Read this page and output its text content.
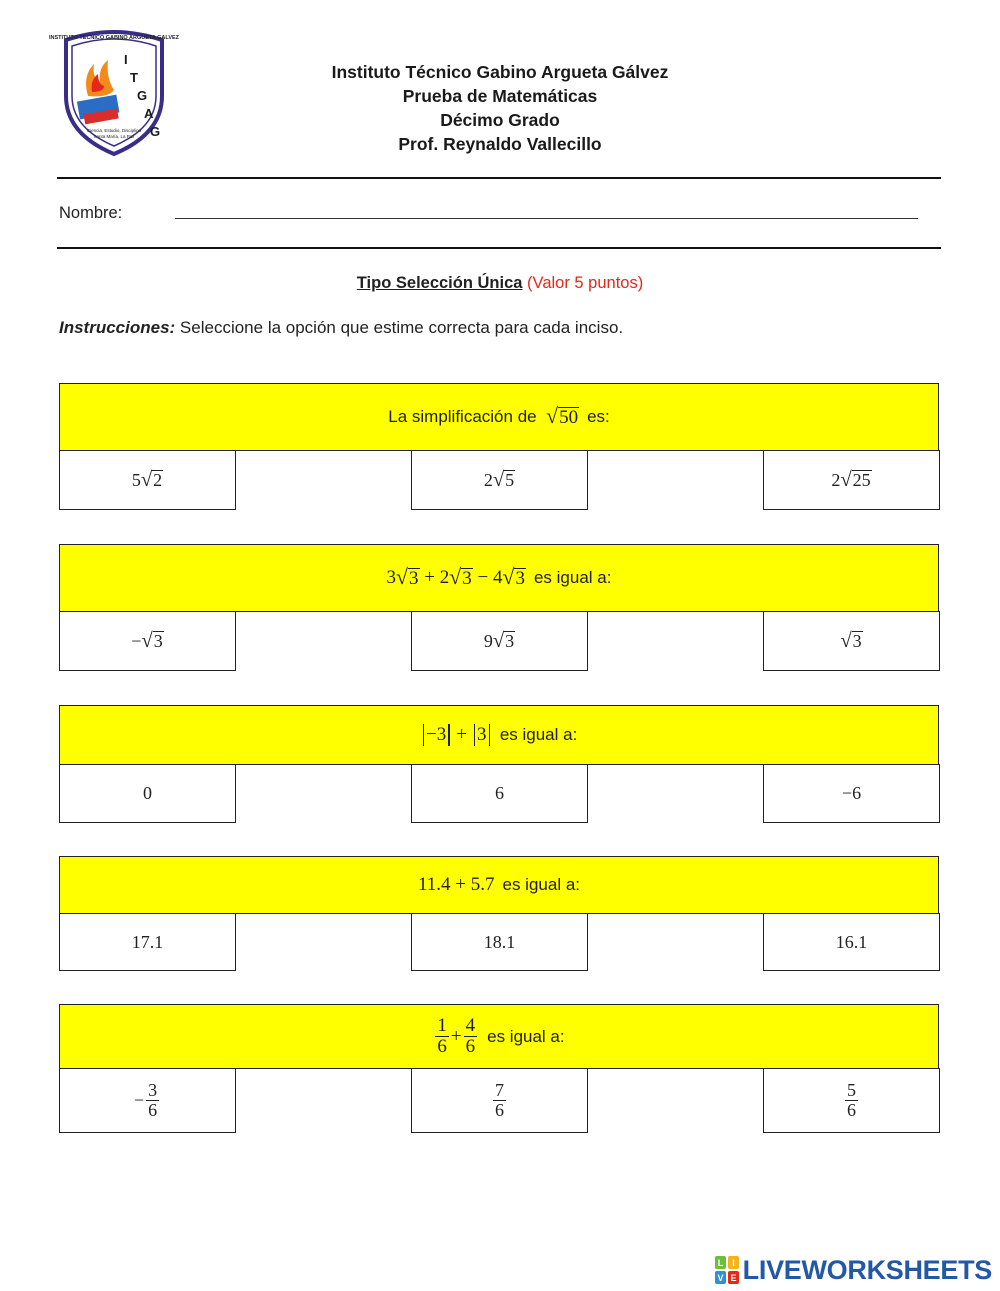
INSTITUTO TECNICO GABINO ARGUETA GALVEZ
I
T
G
A
G
Ciencia, Estudio, Disciplina
Santa María, La Paz
Instituto Técnico Gabino Argueta Gálvez
Prueba de Matemáticas
Décimo Grado
Prof. Reynaldo Vallecillo
Nombre:
Tipo Selección Única (Valor 5 puntos)
Instrucciones: Seleccione la opción que estime correcta para cada inciso.
La simplificación de
√ 50 es:
5 √ 2	2 √ 5	2 √ 25
3 √ 3
+
2 √ 3
−
4 √ 3 es igual a:
− √ 3	9 √ 3	√ 3
−3
+
3 es igual a:
0	6	−6
11.4 + 5.7 es igual a:
17.1	18.1	16.1
$\frac{1}{6} + \frac{4}{6}$ es igual a:
− $\frac{3}{6}$	$\frac{7}{6}$	$\frac{5}{6}$
L I
V E LIVEWORKSHEETS
